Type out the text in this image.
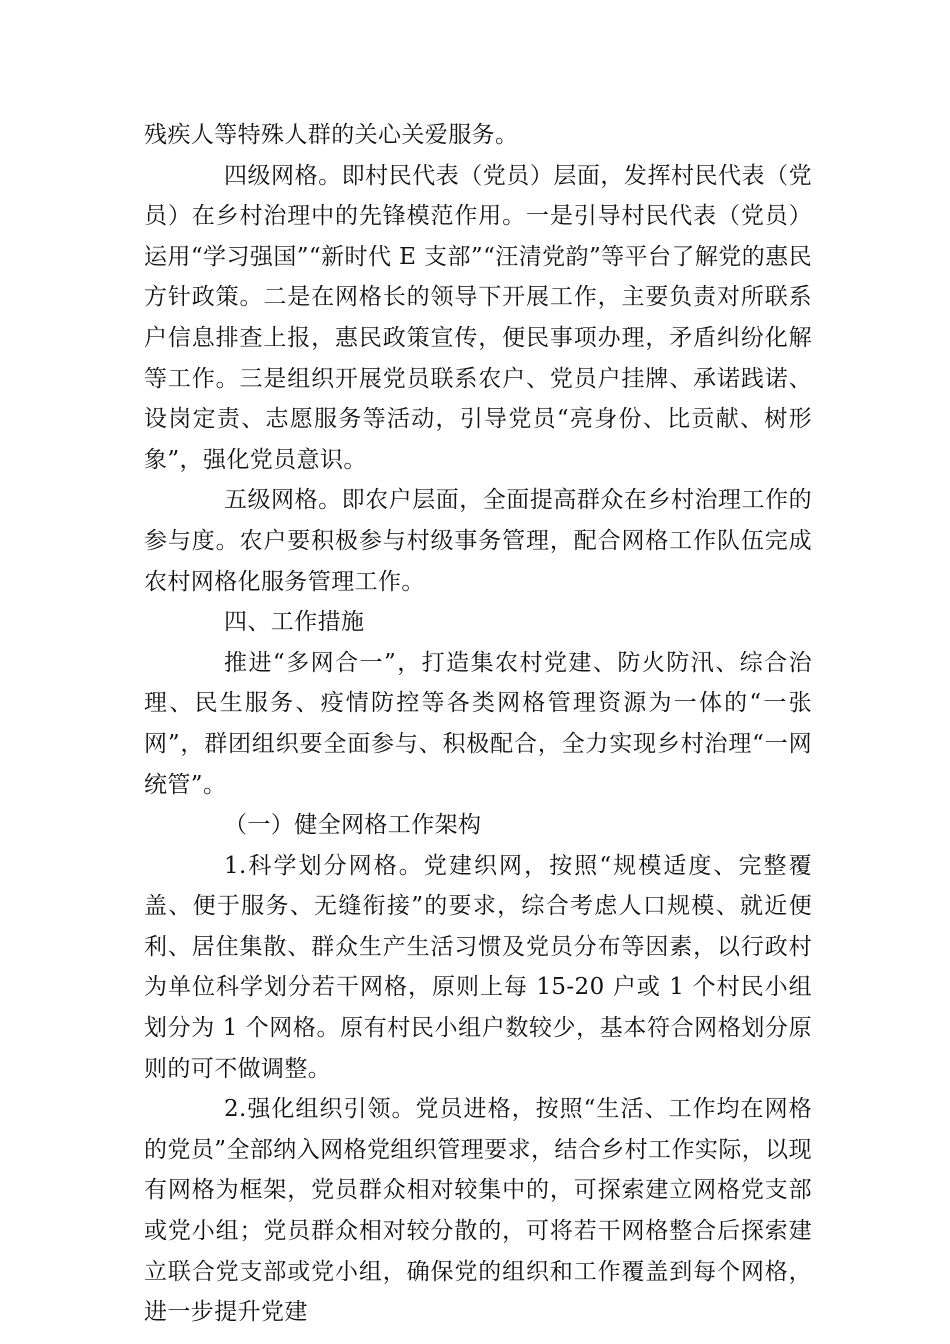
残疾人等特殊人群的关心关爱服务。

四级网格。即村民代表（党员）层面，发挥村民代表（党员）在乡村治理中的先锋模范作用。一是引导村民代表（党员）运用“学习强国”“新时代 E 支部”“汪清党韵”等平台了解党的惠民方针政策。二是在网格长的领导下开展工作，主要负责对所联系户信息排查上报，惠民政策宣传，便民事项办理，矛盾纠纷化解等工作。三是组织开展党员联系农户、党员户挂牌、承诺践诺、设岗定责、志愿服务等活动，引导党员“亮身份、比贡献、树形象”，强化党员意识。

五级网格。即农户层面，全面提高群众在乡村治理工作的参与度。农户要积极参与村级事务管理，配合网格工作队伍完成农村网格化服务管理工作。

四、工作措施

推进“多网合一”，打造集农村党建、防火防汛、综合治理、民生服务、疫情防控等各类网格管理资源为一体的“一张网”，群团组织要全面参与、积极配合，全力实现乡村治理“一网统管”。

（一）健全网格工作架构

1.科学划分网格。党建织网，按照“规模适度、完整覆盖、便于服务、无缝衔接”的要求，综合考虑人口规模、就近便利、居住集散、群众生产生活习惯及党员分布等因素，以行政村为单位科学划分若干网格，原则上每 15-20 户或 1 个村民小组划分为 1 个网格。原有村民小组户数较少，基本符合网格划分原则的可不做调整。

2.强化组织引领。党员进格，按照“生活、工作均在网格的党员”全部纳入网格党组织管理要求，结合乡村工作实际，以现有网格为框架，党员群众相对较集中的，可探索建立网格党支部或党小组；党员群众相对较分散的，可将若干网格整合后探索建立联合党支部或党小组，确保党的组织和工作覆盖到每个网格，进一步提升党建
